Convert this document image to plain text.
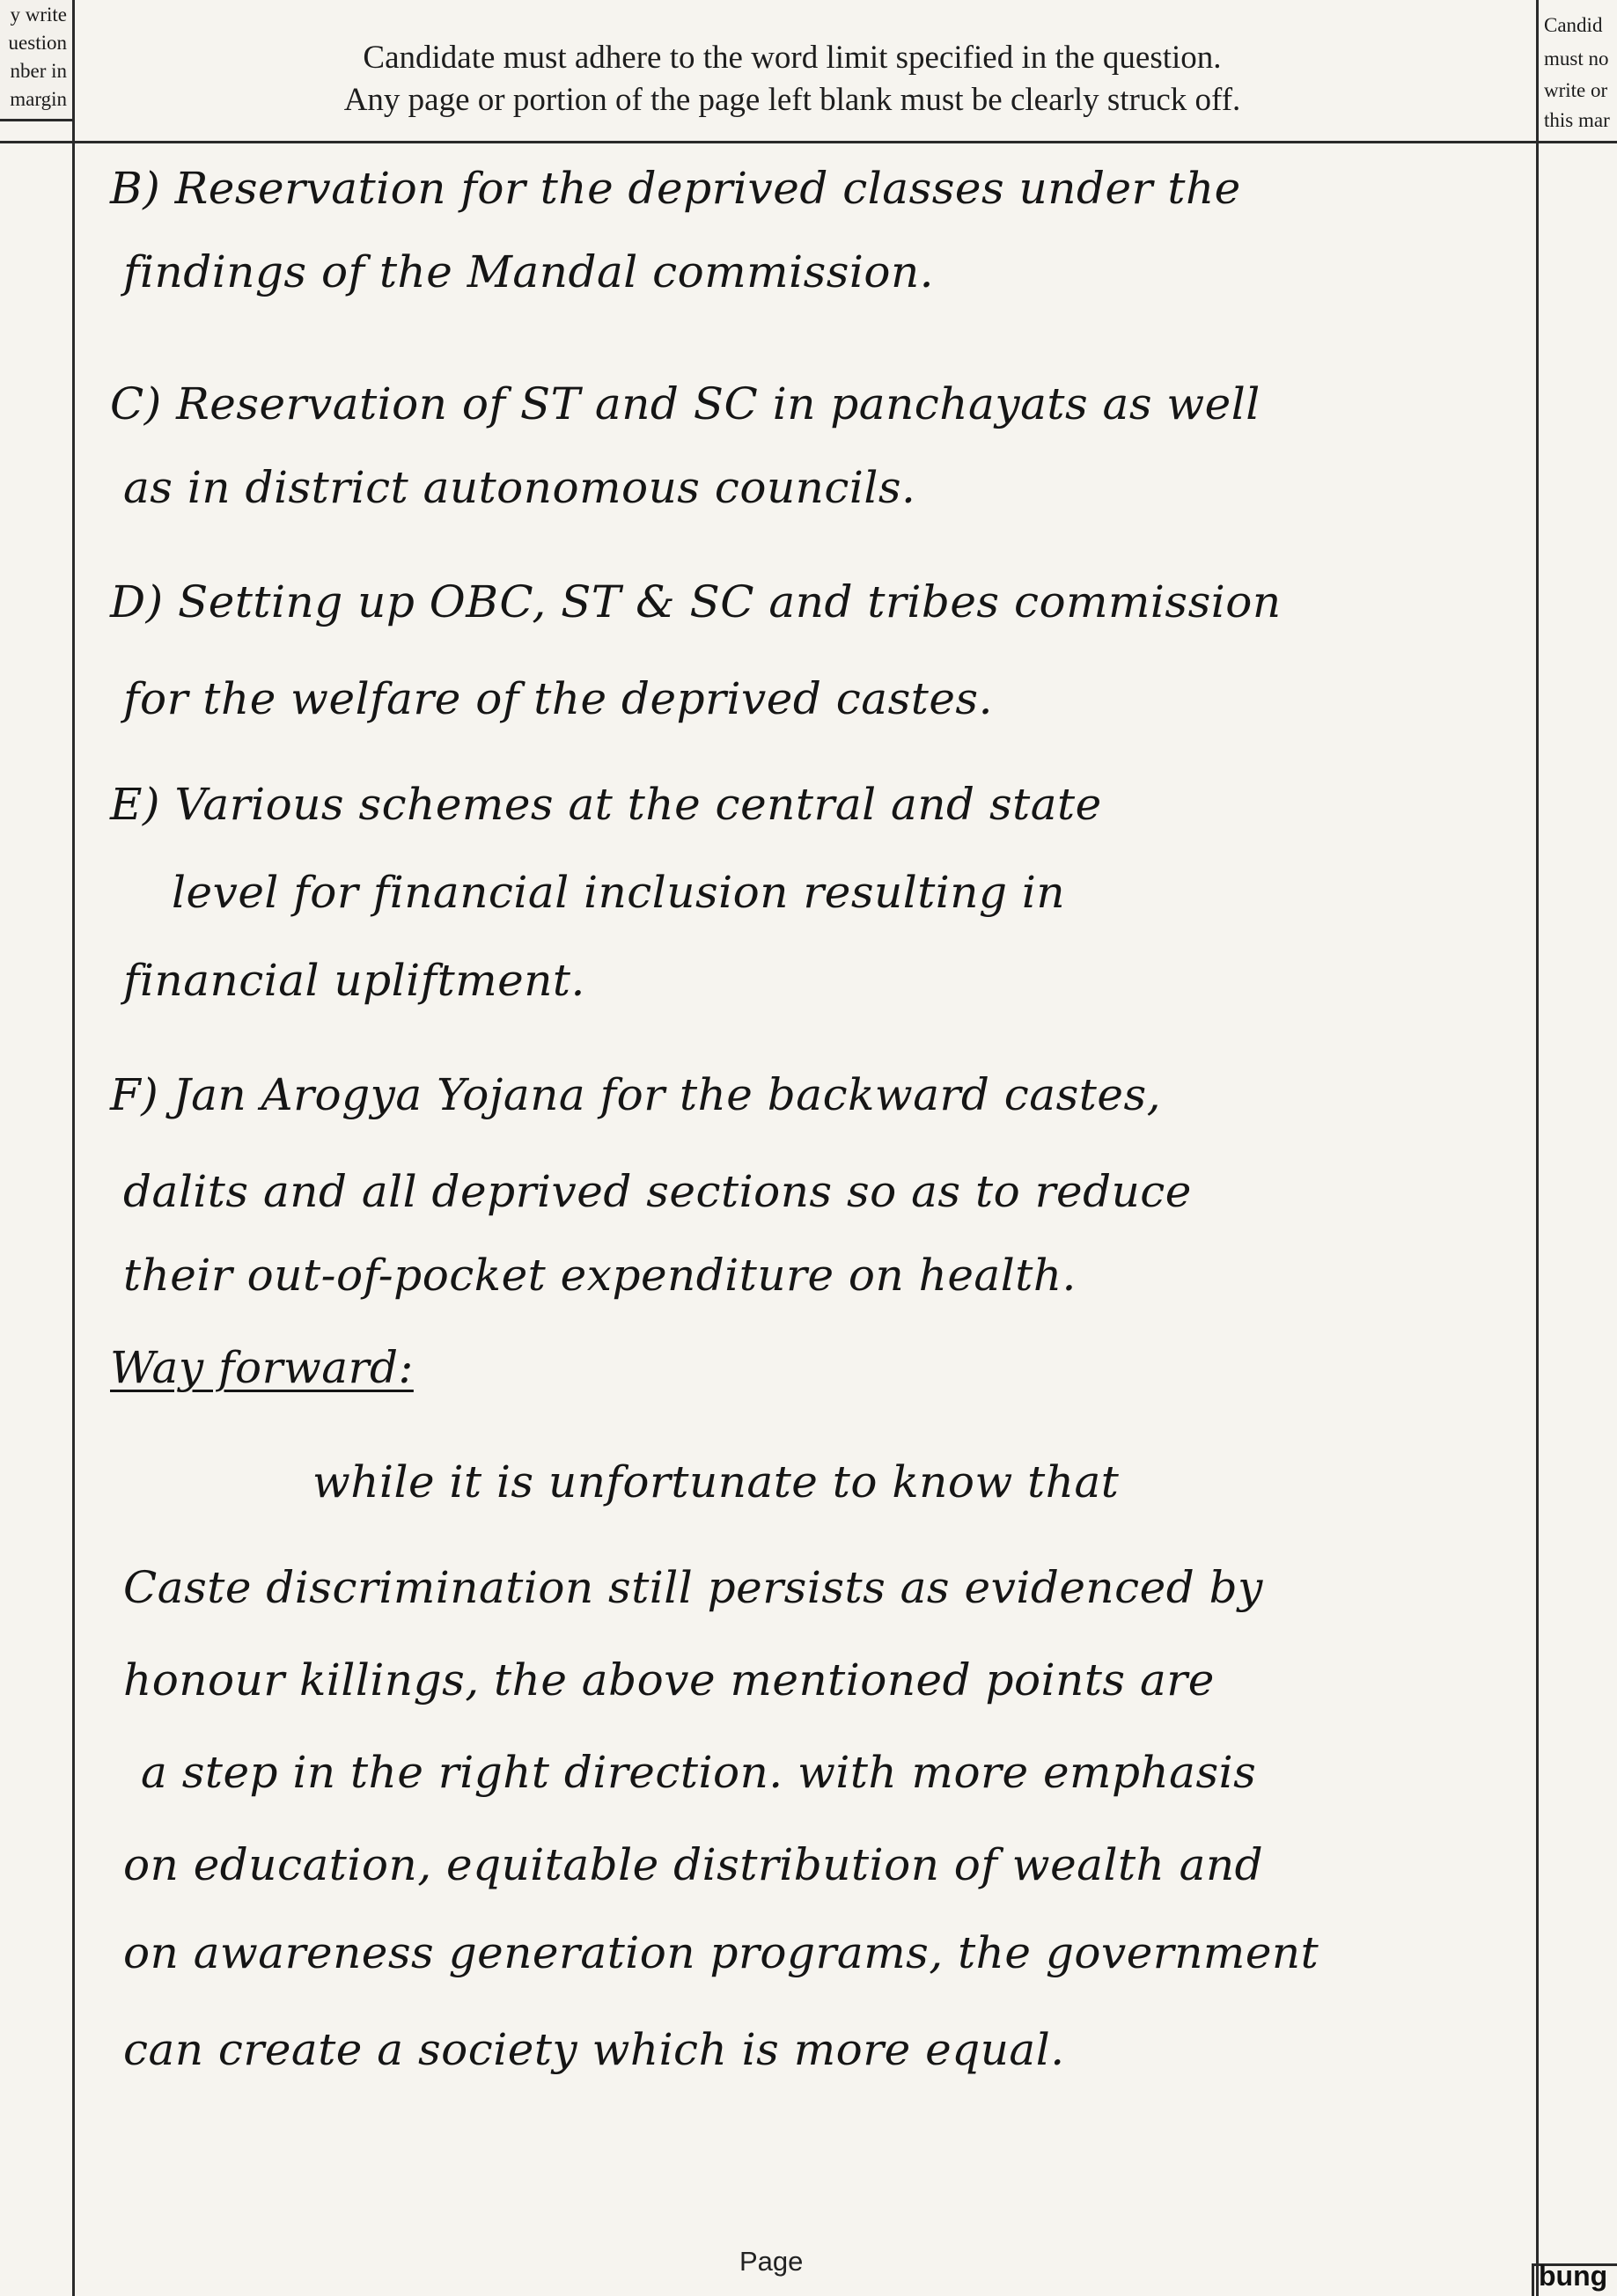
y write
uestion
nber in
margin
Candid
must no
write or
this mar
Candidate must adhere to the word limit specified in the question.
Any page or portion of the page left blank must be clearly struck off.
B) Reservation for the deprived classes under the
findings of the Mandal commission.
C) Reservation of ST and SC in panchayats as well
as in district autonomous councils.
D) Setting up OBC, ST & SC and tribes commission
for the welfare of the deprived castes.
E) Various schemes at the central and state
level for financial inclusion resulting in
financial upliftment.
F) Jan Arogya Yojana for the backward castes,
dalits and all deprived sections so as to reduce
their out-of-pocket expenditure on health.
Way forward:
while it is unfortunate to know that
Caste discrimination still persists as evidenced by
honour killings, the above mentioned points are
a step in the right direction. with more emphasis
on education, equitable distribution of wealth and
on awareness generation programs, the government
can create a society which is more equal.
Page	bung
